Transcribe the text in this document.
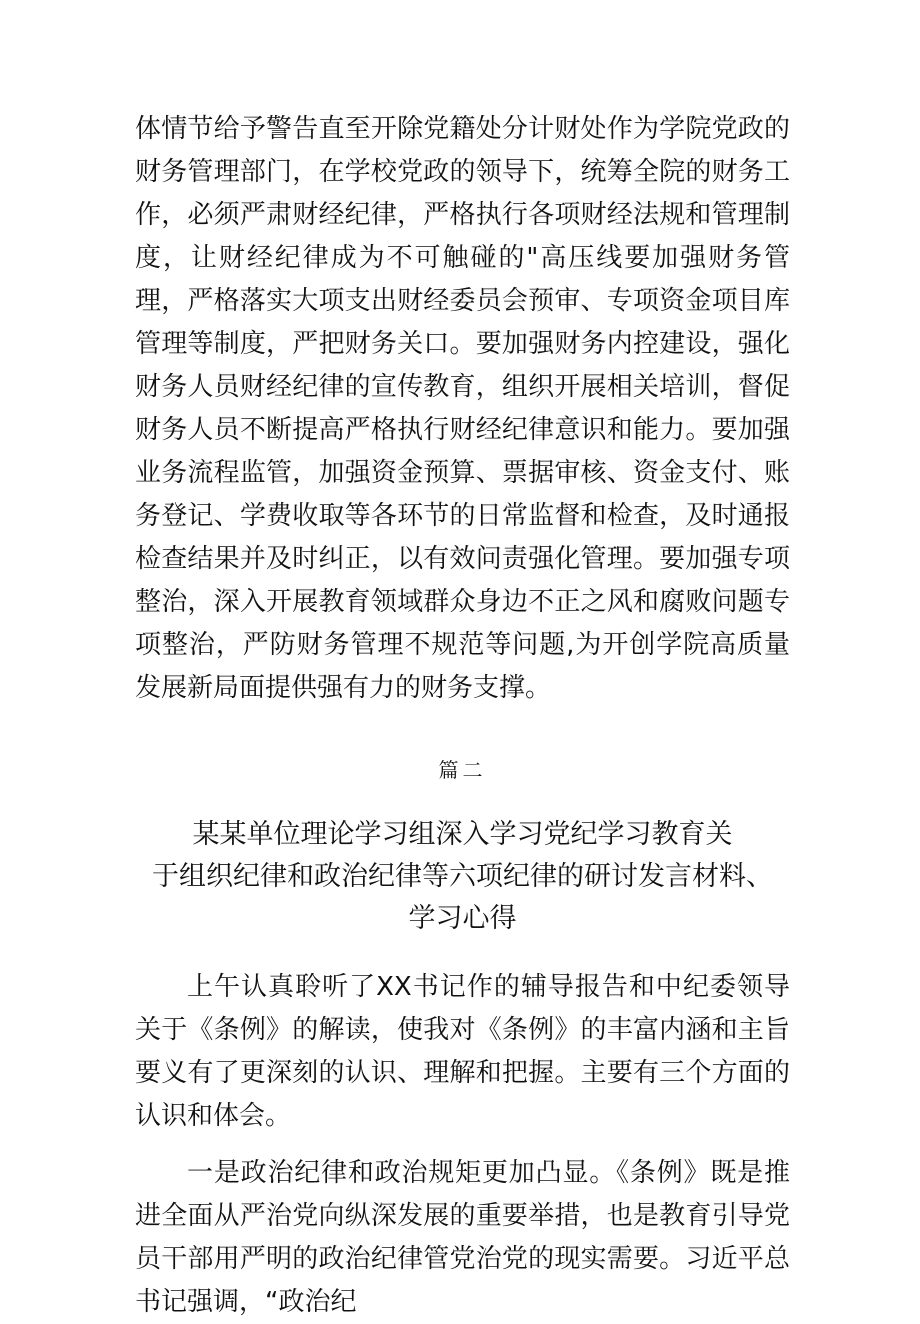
体情节给予警告直至开除党籍处分计财处作为学院党政的财务管理部门，在学校党政的领导下，统筹全院的财务工作，必须严肃财经纪律，严格执行各项财经法规和管理制度，让财经纪律成为不可触碰的"高压线要加强财务管理，严格落实大项支出财经委员会预审、专项资金项目库管理等制度，严把财务关口。要加强财务内控建设，强化财务人员财经纪律的宣传教育，组织开展相关培训，督促财务人员不断提高严格执行财经纪律意识和能力。要加强业务流程监管，加强资金预算、票据审核、资金支付、账务登记、学费收取等各环节的日常监督和检查，及时通报检查结果并及时纠正，以有效问责强化管理。要加强专项整治，深入开展教育领域群众身边不正之风和腐败问题专项整治，严防财务管理不规范等问题,为开创学院高质量发展新局面提供强有力的财务支撑。

篇二
某某单位理论学习组深入学习党纪学习教育关
于组织纪律和政治纪律等六项纪律的研讨发言材料、
学习心得

上午认真聆听了XX书记作的辅导报告和中纪委领导关于《条例》的解读，使我对《条例》的丰富内涵和主旨要义有了更深刻的认识、理解和把握。主要有三个方面的认识和体会。

一是政治纪律和政治规矩更加凸显。《条例》既是推进全面从严治党向纵深发展的重要举措，也是教育引导党员干部用严明的政治纪律管党治党的现实需要。习近平总书记强调，“政治纪
